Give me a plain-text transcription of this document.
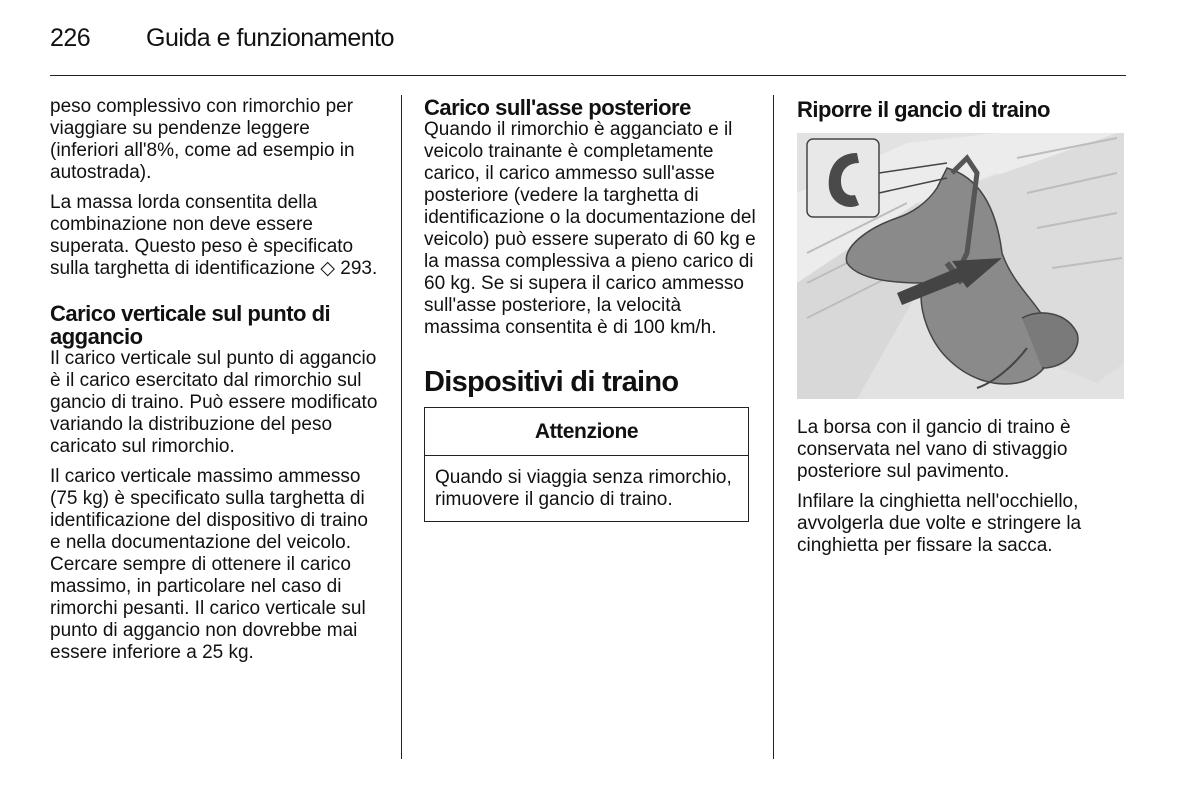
226 Guida e funzionamento

peso complessivo con rimorchio per viaggiare su pendenze leggere (inferiori all'8%, come ad esempio in autostrada).

La massa lorda consentita della combinazione non deve essere superata. Questo peso è specificato sulla targhetta di identificazione ◇ 293.

Carico verticale sul punto di aggancio

Il carico verticale sul punto di aggancio è il carico esercitato dal rimorchio sul gancio di traino. Può essere modificato variando la distribuzione del peso caricato sul rimorchio.

Il carico verticale massimo ammesso (75 kg) è specificato sulla targhetta di identificazione del dispositivo di traino e nella documentazione del veicolo. Cercare sempre di ottenere il carico massimo, in particolare nel caso di rimorchi pesanti. Il carico verticale sul punto di aggancio non dovrebbe mai essere inferiore a 25 kg.

Carico sull'asse posteriore

Quando il rimorchio è agganciato e il veicolo trainante è completamente carico, il carico ammesso sull'asse posteriore (vedere la targhetta di identificazione o la documentazione del veicolo) può essere superato di 60 kg e la massa complessiva a pieno carico di 60 kg. Se si supera il carico ammesso sull'asse posteriore, la velocità massima consentita è di 100 km/h.

Dispositivi di traino
Attenzione
Quando si viaggia senza rimorchio, rimuovere il gancio di traino.
Riporre il gancio di traino

La borsa con il gancio di traino è conservata nel vano di stivaggio posteriore sul pavimento.

Infilare la cinghietta nell'occhiello, avvolgerla due volte e stringere la cinghietta per fissare la sacca.
